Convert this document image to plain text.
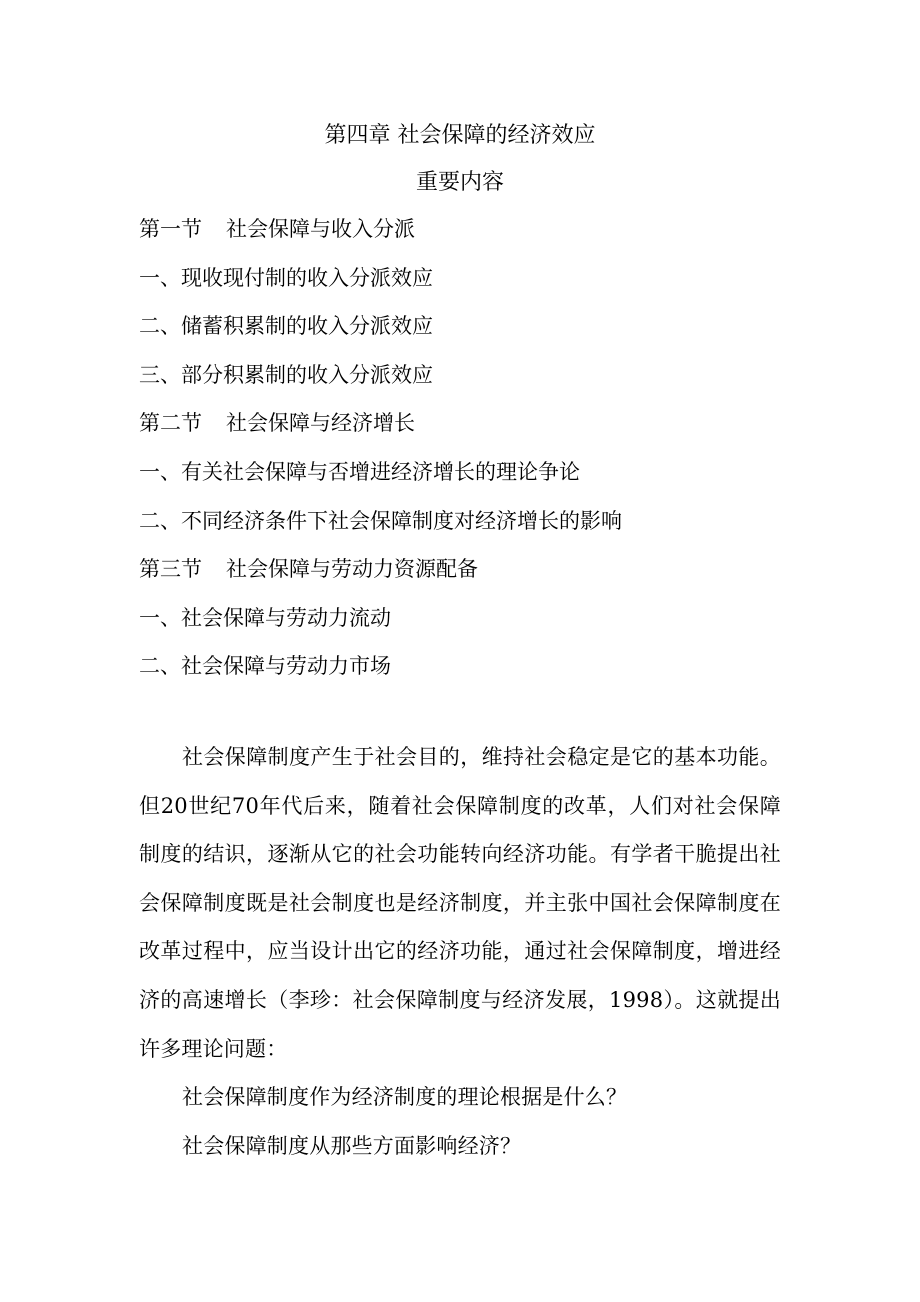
第四章 社会保障的经济效应
重要内容
第一节 社会保障与收入分派
一、现收现付制的收入分派效应
二、储蓄积累制的收入分派效应
三、部分积累制的收入分派效应
第二节 社会保障与经济增长
一、有关社会保障与否增进经济增长的理论争论
二、不同经济条件下社会保障制度对经济增长的影响
第三节 社会保障与劳动力资源配备
一、社会保障与劳动力流动
二、社会保障与劳动力市场

社会保障制度产生于社会目的，维持社会稳定是它的基本功能。但20世纪70年代后来，随着社会保障制度的改革，人们对社会保障制度的结识，逐渐从它的社会功能转向经济功能。有学者干脆提出社会保障制度既是社会制度也是经济制度，并主张中国社会保障制度在改革过程中，应当设计出它的经济功能，通过社会保障制度，增进经济的高速增长（李珍：社会保障制度与经济发展，1998）。这就提出许多理论问题：

社会保障制度作为经济制度的理论根据是什么？

社会保障制度从那些方面影响经济？
